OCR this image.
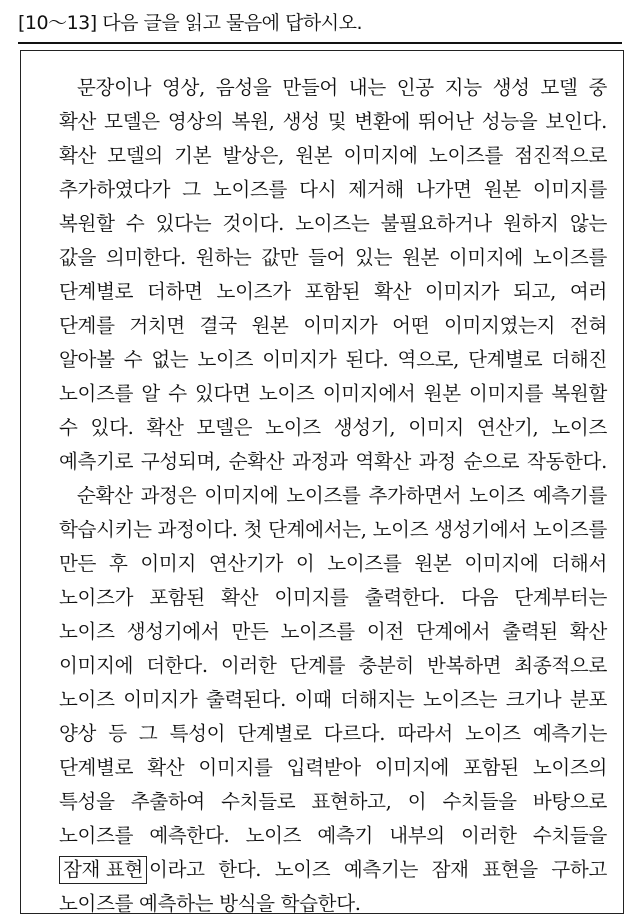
[10～13] 다음 글을 읽고 물음에 답하시오.
문장이나 영상, 음성을 만들어 내는 인공 지능 생성 모델 중
확산 모델은 영상의 복원, 생성 및 변환에 뛰어난 성능을 보인다.
확산 모델의 기본 발상은, 원본 이미지에 노이즈를 점진적으로
추가하였다가 그 노이즈를 다시 제거해 나가면 원본 이미지를
복원할 수 있다는 것이다. 노이즈는 불필요하거나 원하지 않는
값을 의미한다. 원하는 값만 들어 있는 원본 이미지에 노이즈를
단계별로 더하면 노이즈가 포함된 확산 이미지가 되고, 여러
단계를 거치면 결국 원본 이미지가 어떤 이미지였는지 전혀
알아볼 수 없는 노이즈 이미지가 된다. 역으로, 단계별로 더해진
노이즈를 알 수 있다면 노이즈 이미지에서 원본 이미지를 복원할
수 있다. 확산 모델은 노이즈 생성기, 이미지 연산기, 노이즈
예측기로 구성되며, 순확산 과정과 역확산 과정 순으로 작동한다.
순확산 과정은 이미지에 노이즈를 추가하면서 노이즈 예측기를
학습시키는 과정이다. 첫 단계에서는, 노이즈 생성기에서 노이즈를
만든 후 이미지 연산기가 이 노이즈를 원본 이미지에 더해서
노이즈가 포함된 확산 이미지를 출력한다. 다음 단계부터는
노이즈 생성기에서 만든 노이즈를 이전 단계에서 출력된 확산
이미지에 더한다. 이러한 단계를 충분히 반복하면 최종적으로
노이즈 이미지가 출력된다. 이때 더해지는 노이즈는 크기나 분포
양상 등 그 특성이 단계별로 다르다. 따라서 노이즈 예측기는
단계별로 확산 이미지를 입력받아 이미지에 포함된 노이즈의
특성을 추출하여 수치들로 표현하고, 이 수치들을 바탕으로
노이즈를 예측한다. 노이즈 예측기 내부의 이러한 수치들을
잠재 표현 이라고 한다. 노이즈 예측기는 잠재 표현을 구하고
노이즈를 예측하는 방식을 학습한다.
